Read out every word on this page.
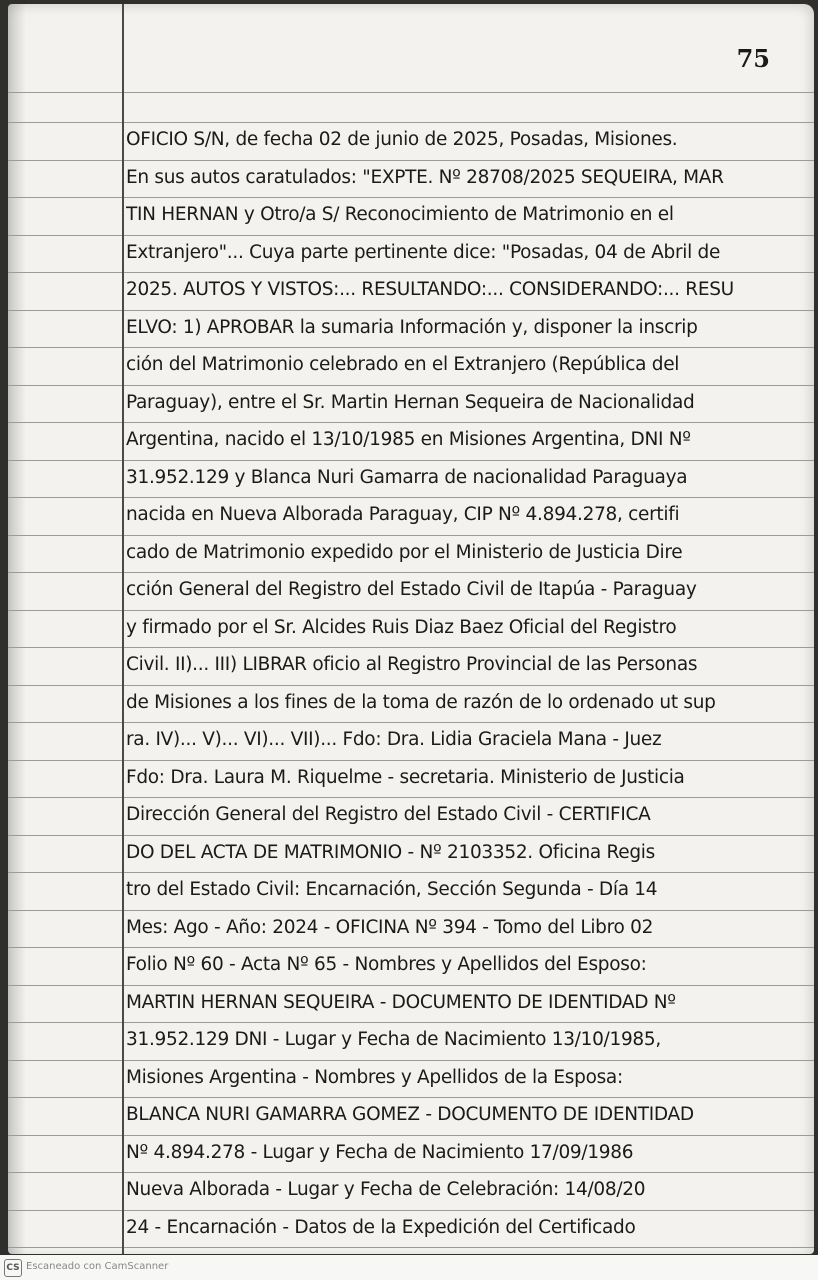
75
OFICIO S/N, de fecha 02 de junio de 2025, Posadas, Misiones.
En sus autos caratulados: "EXPTE. Nº 28708/2025 SEQUEIRA, MAR
TIN HERNAN y Otro/a S/ Reconocimiento de Matrimonio en el
Extranjero"... Cuya parte pertinente dice: "Posadas, 04 de Abril de
2025. AUTOS Y VISTOS:... RESULTANDO:... CONSIDERANDO:... RESU
ELVO: 1) APROBAR la sumaria Información y, disponer la inscrip
ción del Matrimonio celebrado en el Extranjero (República del
Paraguay), entre el Sr. Martin Hernan Sequeira de Nacionalidad
Argentina, nacido el 13/10/1985 en Misiones Argentina, DNI Nº
31.952.129 y Blanca Nuri Gamarra de nacionalidad Paraguaya
nacida en Nueva Alborada Paraguay, CIP Nº 4.894.278, certifi
cado de Matrimonio expedido por el Ministerio de Justicia Dire
cción General del Registro del Estado Civil de Itapúa - Paraguay
y firmado por el Sr. Alcides Ruis Diaz Baez Oficial del Registro
Civil. II)... III) LIBRAR oficio al Registro Provincial de las Personas
de Misiones a los fines de la toma de razón de lo ordenado ut sup
ra. IV)... V)... VI)... VII)... Fdo: Dra. Lidia Graciela Mana - Juez
Fdo: Dra. Laura M. Riquelme - secretaria. Ministerio de Justicia
Dirección General del Registro del Estado Civil - CERTIFICA
DO DEL ACTA DE MATRIMONIO - Nº 2103352. Oficina Regis
tro del Estado Civil: Encarnación, Sección Segunda - Día 14
Mes: Ago - Año: 2024 - OFICINA Nº 394 - Tomo del Libro 02
Folio Nº 60 - Acta Nº 65 - Nombres y Apellidos del Esposo:
MARTIN HERNAN SEQUEIRA - DOCUMENTO DE IDENTIDAD Nº
31.952.129 DNI - Lugar y Fecha de Nacimiento 13/10/1985,
Misiones Argentina - Nombres y Apellidos de la Esposa:
BLANCA NURI GAMARRA GOMEZ - DOCUMENTO DE IDENTIDAD
Nº 4.894.278 - Lugar y Fecha de Nacimiento 17/09/1986
Nueva Alborada - Lugar y Fecha de Celebración: 14/08/20
24 - Encarnación - Datos de la Expedición del Certificado
CS Escaneado con CamScanner
